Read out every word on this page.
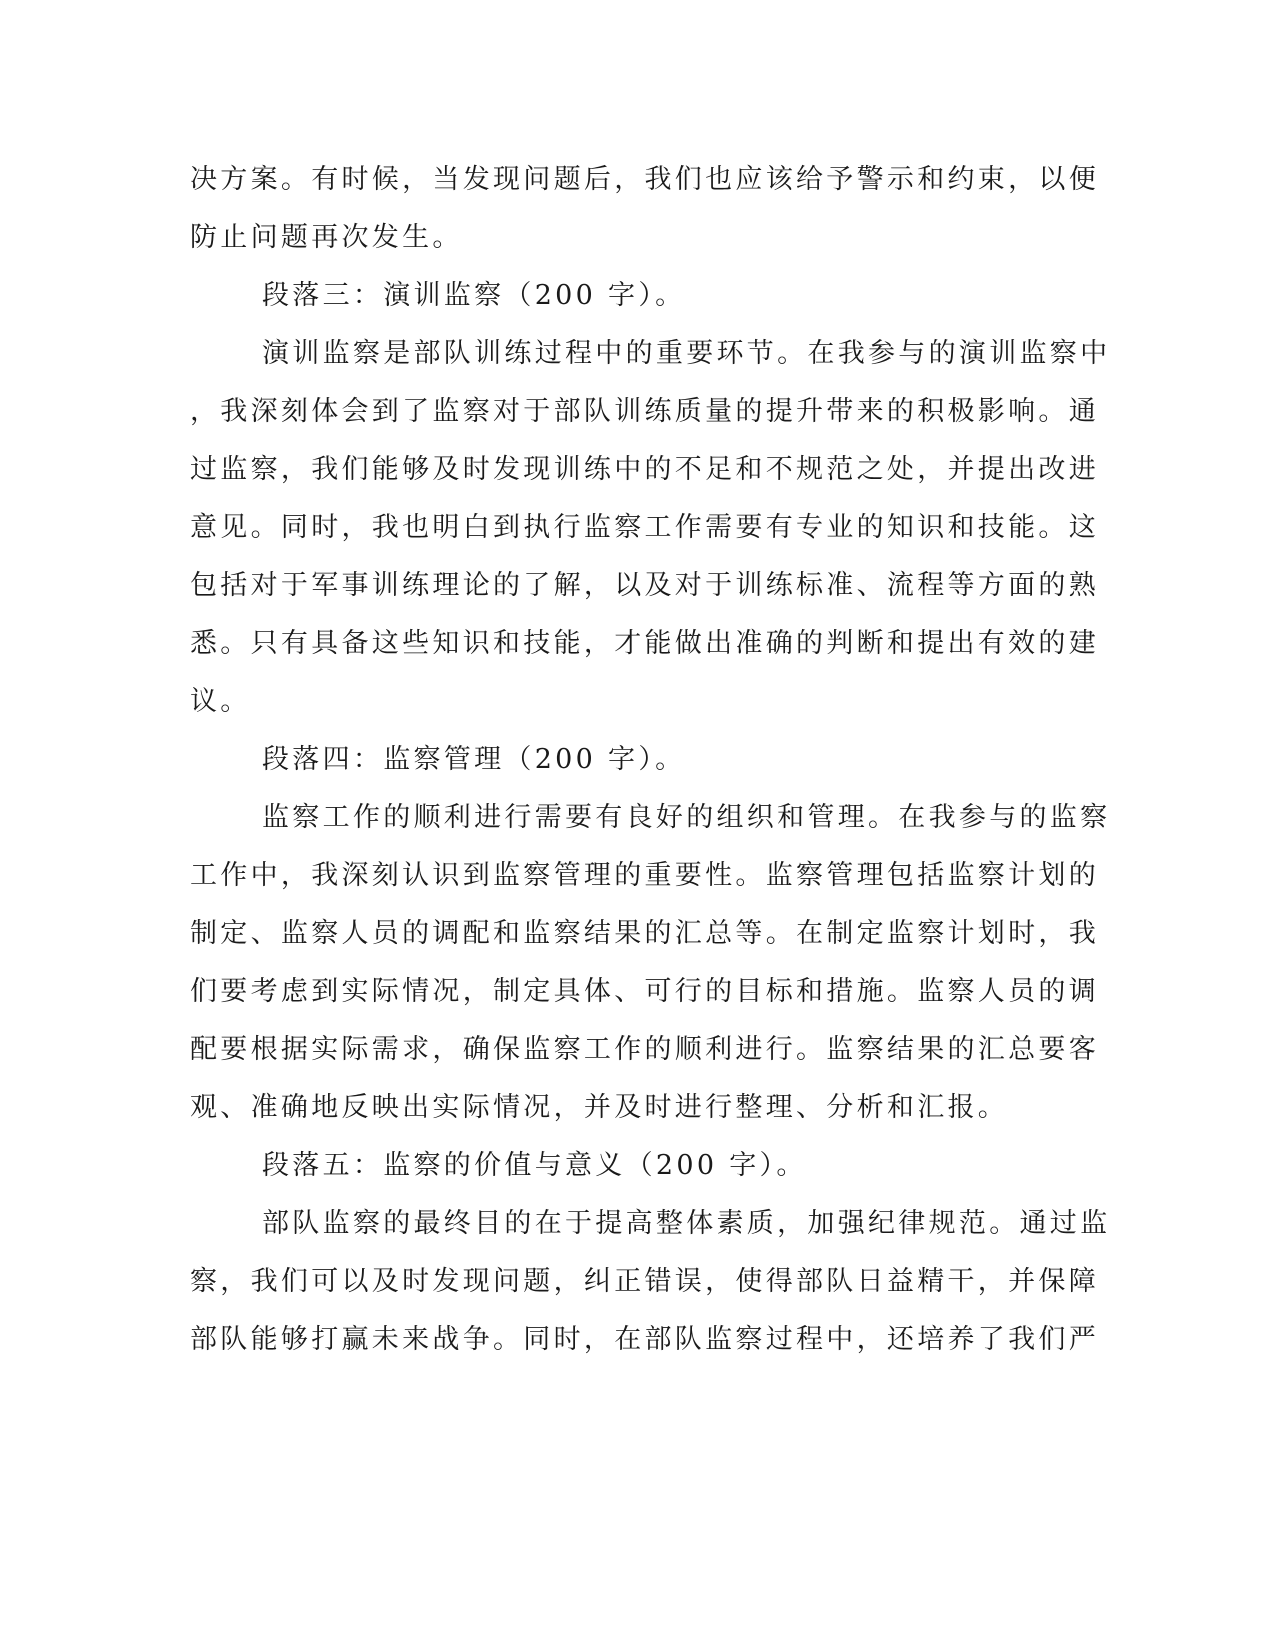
决方案。有时候，当发现问题后，我们也应该给予警示和约束，以便
防止问题再次发生。
段落三：演训监察（200 字）。
演训监察是部队训练过程中的重要环节。在我参与的演训监察中
，我深刻体会到了监察对于部队训练质量的提升带来的积极影响。通
过监察，我们能够及时发现训练中的不足和不规范之处，并提出改进
意见。同时，我也明白到执行监察工作需要有专业的知识和技能。这
包括对于军事训练理论的了解，以及对于训练标准、流程等方面的熟
悉。只有具备这些知识和技能，才能做出准确的判断和提出有效的建
议。
段落四：监察管理（200 字）。
监察工作的顺利进行需要有良好的组织和管理。在我参与的监察
工作中，我深刻认识到监察管理的重要性。监察管理包括监察计划的
制定、监察人员的调配和监察结果的汇总等。在制定监察计划时，我
们要考虑到实际情况，制定具体、可行的目标和措施。监察人员的调
配要根据实际需求，确保监察工作的顺利进行。监察结果的汇总要客
观、准确地反映出实际情况，并及时进行整理、分析和汇报。
段落五：监察的价值与意义（200 字）。
部队监察的最终目的在于提高整体素质，加强纪律规范。通过监
察，我们可以及时发现问题，纠正错误，使得部队日益精干，并保障
部队能够打赢未来战争。同时，在部队监察过程中，还培养了我们严
